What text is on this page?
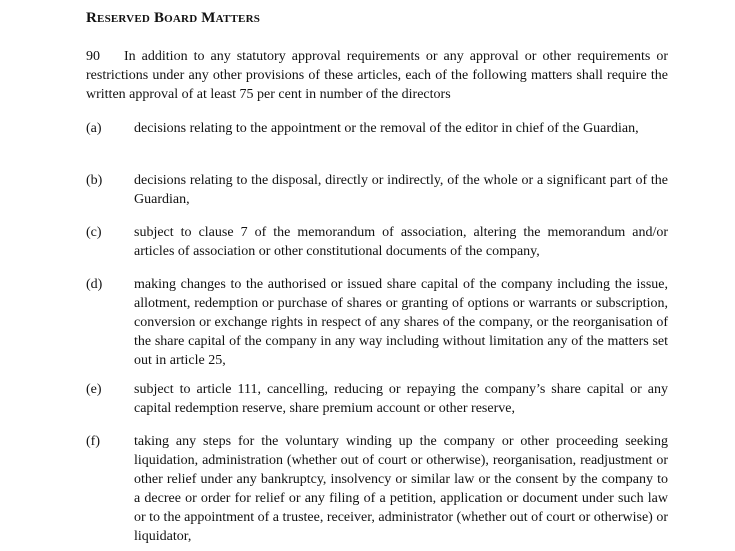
Reserved Board Matters
90 In addition to any statutory approval requirements or any approval or other requirements or restrictions under any other provisions of these articles, each of the following matters shall require the written approval of at least 75 per cent in number of the directors
(a)	decisions relating to the appointment or the removal of the editor in chief of the Guardian,
(b)	decisions relating to the disposal, directly or indirectly, of the whole or a significant part of the Guardian,
(c)	subject to clause 7 of the memorandum of association, altering the memorandum and/or articles of association or other constitutional documents of the company,
(d)	making changes to the authorised or issued share capital of the company including the issue, allotment, redemption or purchase of shares or granting of options or warrants or subscription, conversion or exchange rights in respect of any shares of the company, or the reorganisation of the share capital of the company in any way including without limitation any of the matters set out in article 25,
(e)	subject to article 111, cancelling, reducing or repaying the company’s share capital or any capital redemption reserve, share premium account or other reserve,
(f)	taking any steps for the voluntary winding up the company or other proceeding seeking liquidation, administration (whether out of court or otherwise), reorganisation, readjustment or other relief under any bankruptcy, insolvency or similar law or the consent by the company to a decree or order for relief or any filing of a petition, application or document under such law or to the appointment of a trustee, receiver, administrator (whether out of court or otherwise) or liquidator,
